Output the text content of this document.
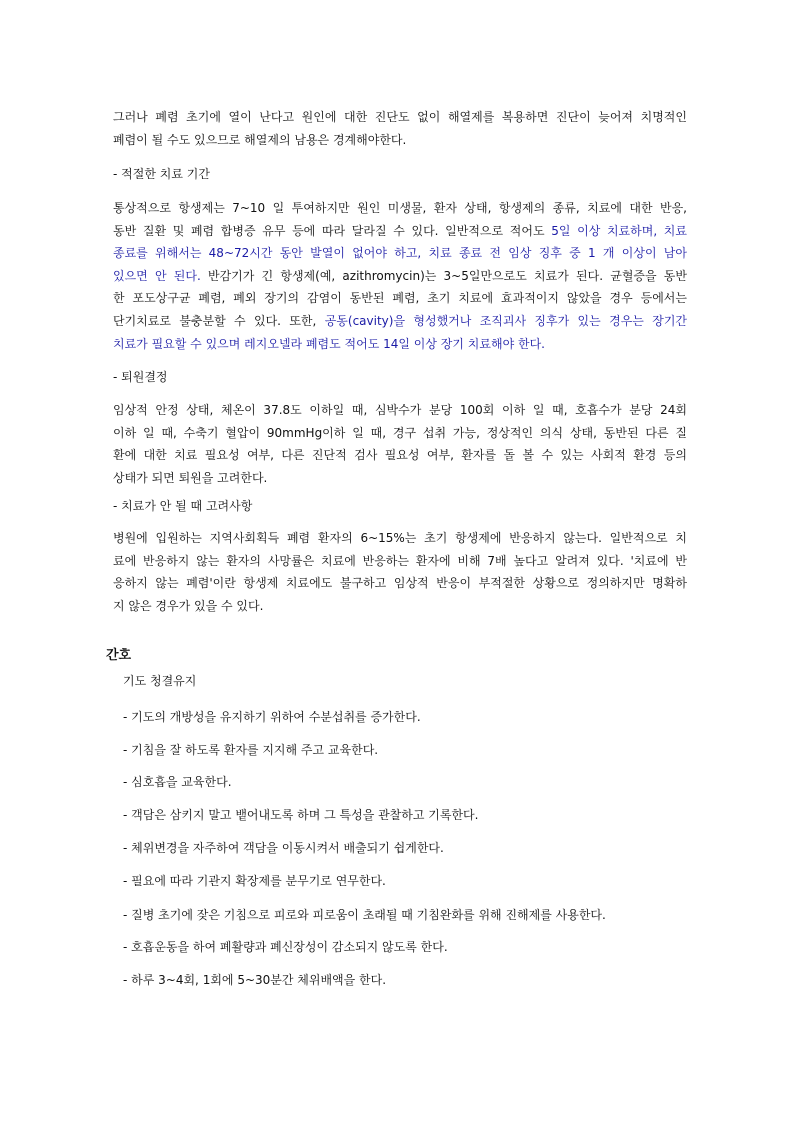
그러나 폐렴 초기에 열이 난다고 원인에 대한 진단도 없이 해열제를 복용하면 진단이 늦어져 치명적인
폐렴이 될 수도 있으므로 해열제의 남용은 경계해야한다.

- 적절한 치료 기간

통상적으로 항생제는 7~10 일 투여하지만 원인 미생물, 환자 상태, 항생제의 종류, 치료에 대한 반응,
동반 질환 및 폐렴 합병증 유무 등에 따라 달라질 수 있다. 일반적으로 적어도 5일 이상 치료하며, 치료
종료를 위해서는 48~72시간 동안 발열이 없어야 하고, 치료 종료 전 임상 징후 중 1 개 이상이 남아
있으면 안 된다. 반감기가 긴 항생제(예, azithromycin)는 3~5일만으로도 치료가 된다. 균혈증을 동반
한 포도상구균 폐렴, 폐외 장기의 감염이 동반된 폐렴, 초기 치료에 효과적이지 않았을 경우 등에서는
단기치료로 불충분할 수 있다. 또한, 공동(cavity)을 형성했거나 조직괴사 징후가 있는 경우는 장기간
치료가 필요할 수 있으며 레지오넬라 폐렴도 적어도 14일 이상 장기 치료해야 한다.

- 퇴원결정

임상적 안정 상태, 체온이 37.8도 이하일 때, 심박수가 분당 100회 이하 일 때, 호흡수가 분당 24회
이하 일 때, 수축기 혈압이 90mmHg이하 일 때, 경구 섭취 가능, 정상적인 의식 상태, 동반된 다른 질
환에 대한 치료 필요성 여부, 다른 진단적 검사 필요성 여부, 환자를 돌 볼 수 있는 사회적 환경 등의
상태가 되면 퇴원을 고려한다.

- 치료가 안 될 때 고려사항

병원에 입원하는 지역사회획득 폐렴 환자의 6~15%는 초기 항생제에 반응하지 않는다. 일반적으로 치
료에 반응하지 않는 환자의 사망률은 치료에 반응하는 환자에 비해 7배 높다고 알려져 있다. '치료에 반
응하지 않는 폐렴'이란 항생제 치료에도 불구하고 임상적 반응이 부적절한 상황으로 정의하지만 명확하
지 않은 경우가 있을 수 있다.

간호

기도 청결유지

- 기도의 개방성을 유지하기 위하여 수분섭취를 증가한다.

- 기침을 잘 하도록 환자를 지지해 주고 교육한다.

- 심호흡을 교육한다.

- 객담은 삼키지 말고 뱉어내도록 하며 그 특성을 관찰하고 기록한다.

- 체위변경을 자주하여 객담을 이동시켜서 배출되기 쉽게한다.

- 필요에 따라 기관지 확장제를 분무기로 연무한다.

- 질병 초기에 잦은 기침으로 피로와 피로움이 초래될 때 기침완화를 위해 진해제를 사용한다.

- 호흡운동을 하여 폐활량과 폐신장성이 감소되지 않도록 한다.

- 하루 3~4회, 1회에 5~30분간 체위배액을 한다.
